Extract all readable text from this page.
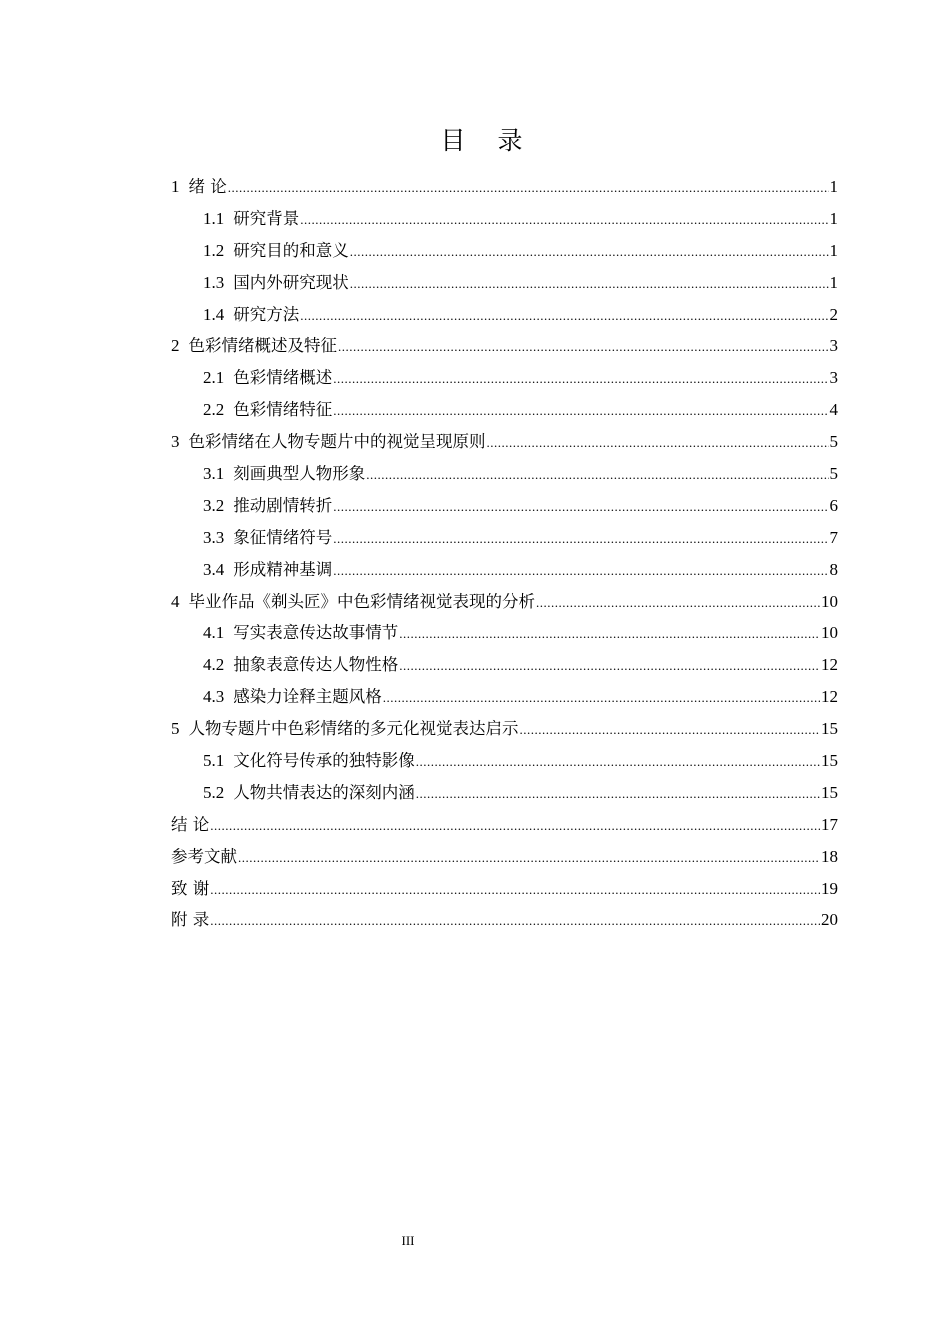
目 录
1 绪 论 .....	1
1.1 研究背景 .....	1
1.2 研究目的和意义 .....	1
1.3 国内外研究现状 .....	1
1.4 研究方法 .....	2
2 色彩情绪概述及特征 .....	3
2.1 色彩情绪概述 .....	3
2.2 色彩情绪特征 .....	4
3 色彩情绪在人物专题片中的视觉呈现原则 .....	5
3.1 刻画典型人物形象 .....	5
3.2 推动剧情转折 .....	6
3.3 象征情绪符号 .....	7
3.4 形成精神基调 .....	8
4 毕业作品《剃头匠》中色彩情绪视觉表现的分析 .....	10
4.1 写实表意传达故事情节 .....	10
4.2 抽象表意传达人物性格 .....	12
4.3 感染力诠释主题风格 .....	12
5 人物专题片中色彩情绪的多元化视觉表达启示 .....	15
5.1 文化符号传承的独特影像 .....	15
5.2 人物共情表达的深刻内涵 .....	15
结 论 .....	17
参考文献 .....	18
致 谢 .....	19
附 录 .....	20
III
